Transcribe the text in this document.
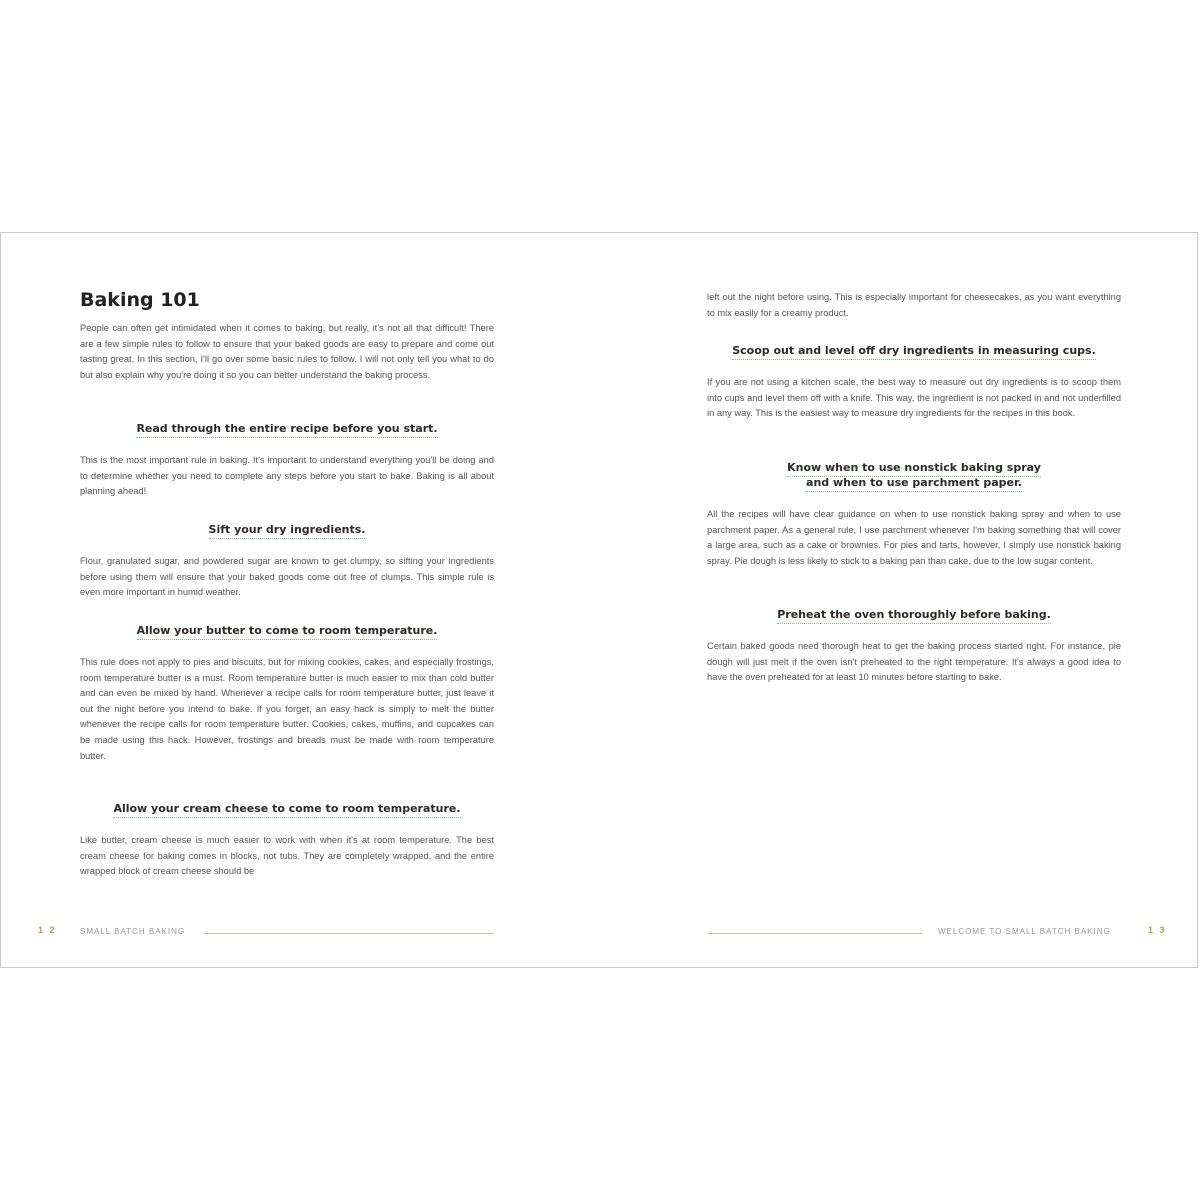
Baking 101

People can often get intimidated when it comes to baking, but really, it's not all that difficult! There are a few simple rules to follow to ensure that your baked goods are easy to prepare and come out tasting great. In this section, I'll go over some basic rules to follow. I will not only tell you what to do but also explain why you're doing it so you can better understand the baking process.

Read through the entire recipe before you start.

This is the most important rule in baking. It's important to understand everything you'll be doing and to determine whether you need to complete any steps before you start to bake. Baking is all about planning ahead!

Sift your dry ingredients.

Flour, granulated sugar, and powdered sugar are known to get clumpy, so sifting your ingredients before using them will ensure that your baked goods come out free of clumps. This simple rule is even more important in humid weather.

Allow your butter to come to room temperature.

This rule does not apply to pies and biscuits, but for mixing cookies, cakes, and especially frostings, room temperature butter is a must. Room temperature butter is much easier to mix than cold butter and can even be mixed by hand. Whenever a recipe calls for room temperature butter, just leave it out the night before you intend to bake. If you forget, an easy hack is simply to melt the butter whenever the recipe calls for room temperature butter. Cookies, cakes, muffins, and cupcakes can be made using this hack. However, frostings and breads must be made with room temperature butter.

Allow your cream cheese to come to room temperature.

Like butter, cream cheese is much easier to work with when it's at room temperature. The best cream cheese for baking comes in blocks, not tubs. They are completely wrapped, and the entire wrapped block of cream cheese should be

1 2	SMALL BATCH BAKING

left out the night before using. This is especially important for cheesecakes, as you want everything to mix easily for a creamy product.

Scoop out and level off dry ingredients in measuring cups.

If you are not using a kitchen scale, the best way to measure out dry ingredients is to scoop them into cups and level them off with a knife. This way, the ingredient is not packed in and not underfilled in any way. This is the easiest way to measure dry ingredients for the recipes in this book.

Know when to use nonstick baking spray
and when to use parchment paper.

All the recipes will have clear guidance on when to use nonstick baking spray and when to use parchment paper. As a general rule, I use parchment whenever I'm baking something that will cover a large area, such as a cake or brownies. For pies and tarts, however, I simply use nonstick baking spray. Pie dough is less likely to stick to a baking pan than cake, due to the low sugar content.

Preheat the oven thoroughly before baking.

Certain baked goods need thorough heat to get the baking process started right. For instance, pie dough will just melt if the oven isn't preheated to the right temperature. It's always a good idea to have the oven preheated for at least 10 minutes before starting to bake.

WELCOME TO SMALL BATCH BAKING	1 3
